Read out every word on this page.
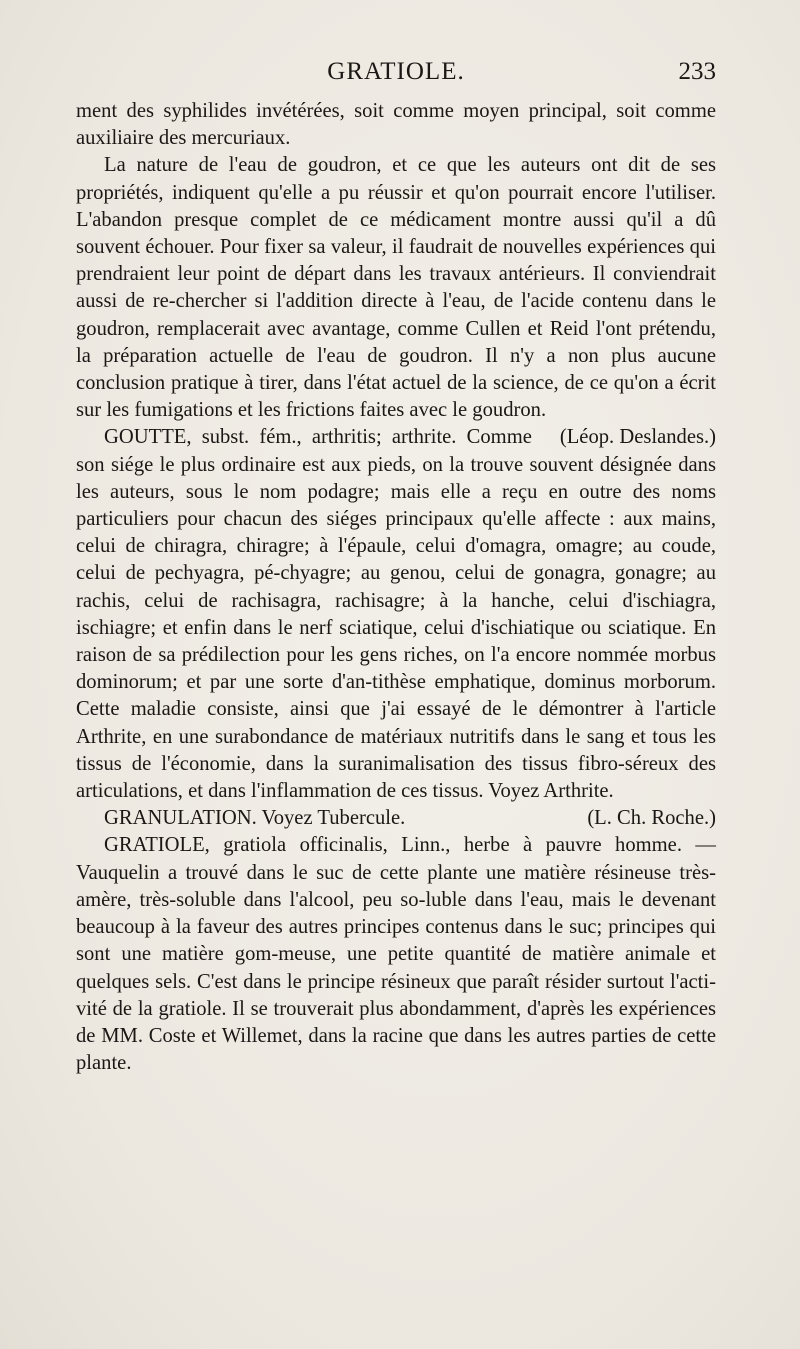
GRATIOLE.	233

ment des syphilides invétérées, soit comme moyen principal, soit comme auxiliaire des mercuriaux.

La nature de l'eau de goudron, et ce que les auteurs ont dit de ses propriétés, indiquent qu'elle a pu réussir et qu'on pourrait encore l'utiliser. L'abandon presque complet de ce médicament montre aussi qu'il a dû souvent échouer. Pour fixer sa valeur, il faudrait de nouvelles expériences qui prendraient leur point de départ dans les travaux antérieurs. Il conviendrait aussi de re-chercher si l'addition directe à l'eau, de l'acide contenu dans le goudron, remplacerait avec avantage, comme Cullen et Reid l'ont prétendu, la préparation actuelle de l'eau de goudron. Il n'y a non plus aucune conclusion pratique à tirer, dans l'état actuel de la science, de ce qu'on a écrit sur les fumigations et les frictions faites avec le goudron.
(Léop. Deslandes.)

GOUTTE, subst. fém., arthritis; arthrite. Comme son siége le plus ordinaire est aux pieds, on la trouve souvent désignée dans les auteurs, sous le nom podagre; mais elle a reçu en outre des noms particuliers pour chacun des siéges principaux qu'elle affecte : aux mains, celui de chiragra, chiragre; à l'épaule, celui d'omagra, omagre; au coude, celui de pechyagra, pé-chyagre; au genou, celui de gonagra, gonagre; au rachis, celui de rachisagra, rachisagre; à la hanche, celui d'ischiagra, ischiagre; et enfin dans le nerf sciatique, celui d'ischiatique ou sciatique. En raison de sa prédilection pour les gens riches, on l'a encore nommée morbus dominorum; et par une sorte d'an-tithèse emphatique, dominus morborum. Cette maladie consiste, ainsi que j'ai essayé de le démontrer à l'article Arthrite, en une surabondance de matériaux nutritifs dans le sang et tous les tissus de l'économie, dans la suranimalisation des tissus fibro-séreux des articulations, et dans l'inflammation de ces tissus. Voyez Arthrite.
(L. Ch. Roche.)

GRANULATION. Voyez Tubercule.

GRATIOLE, gratiola officinalis, Linn., herbe à pauvre homme. — Vauquelin a trouvé dans le suc de cette plante une matière résineuse très-amère, très-soluble dans l'alcool, peu so-luble dans l'eau, mais le devenant beaucoup à la faveur des autres principes contenus dans le suc; principes qui sont une matière gom-meuse, une petite quantité de matière animale et quelques sels. C'est dans le principe résineux que paraît résider surtout l'acti-vité de la gratiole. Il se trouverait plus abondamment, d'après les expériences de MM. Coste et Willemet, dans la racine que dans les autres parties de cette plante.
